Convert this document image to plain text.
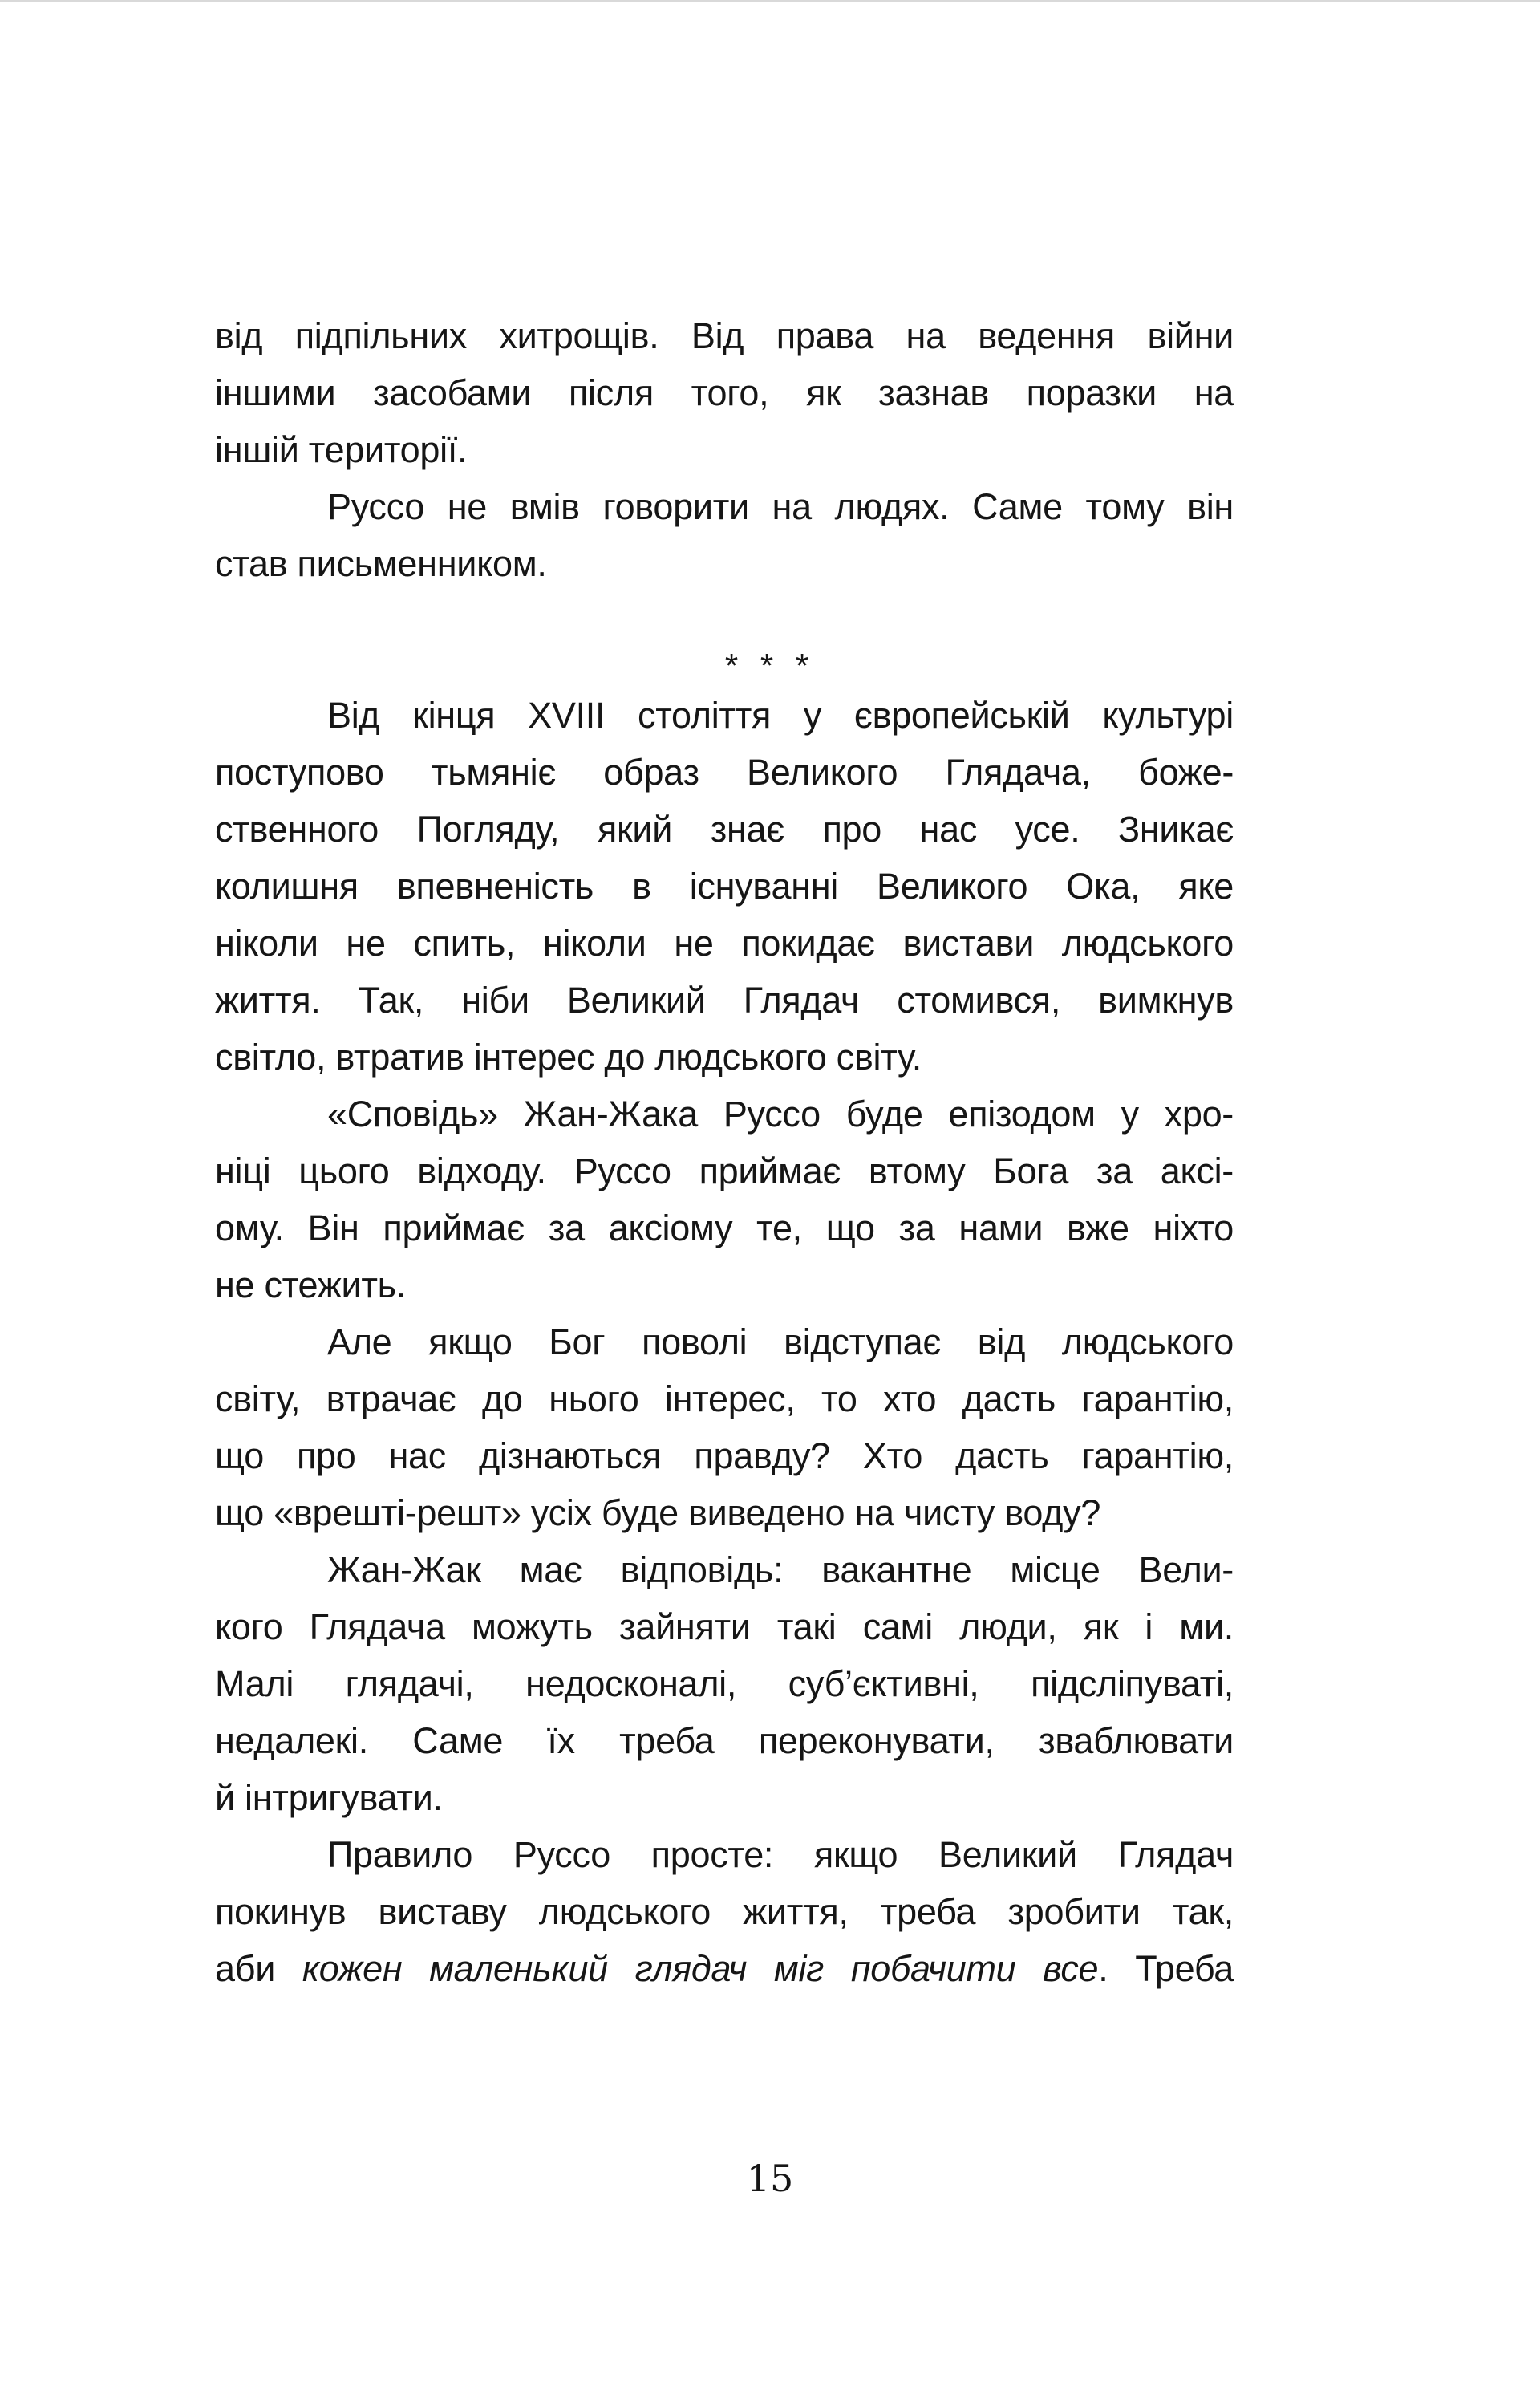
від підпільних хитрощів. Від права на ведення війни
іншими засобами після того, як зазнав поразки на
іншій території.
Руссо не вмів говорити на людях. Саме тому він
став письменником.
* * *
Від кінця XVIII століття у європейській культурі
поступово тьмяніє образ Великого Глядача, боже-
ственного Погляду, який знає про нас усе. Зникає
колишня впевненість в існуванні Великого Ока, яке
ніколи не спить, ніколи не покидає вистави людського
життя. Так, ніби Великий Глядач стомився, вимкнув
світло, втратив інтерес до людського світу.
«Сповідь» Жан-Жака Руссо буде епізодом у хро-
ніці цього відходу. Руссо приймає втому Бога за аксі-
ому. Він приймає за аксіому те, що за нами вже ніхто
не стежить.
Але якщо Бог поволі відступає від людського
світу, втрачає до нього інтерес, то хто дасть гарантію,
що про нас дізнаються правду? Хто дасть гарантію,
що «врешті-решт» усіх буде виведено на чисту воду?
Жан-Жак має відповідь: вакантне місце Вели-
кого Глядача можуть зайняти такі самі люди, як і ми.
Малі глядачі, недосконалі, суб’єктивні, підсліпуваті,
недалекі. Саме їх треба переконувати, зваблювати
й інтригувати.
Правило Руссо просте: якщо Великий Глядач
покинув виставу людського життя, треба зробити так,
аби кожен маленький глядач міг побачити все. Треба
15
